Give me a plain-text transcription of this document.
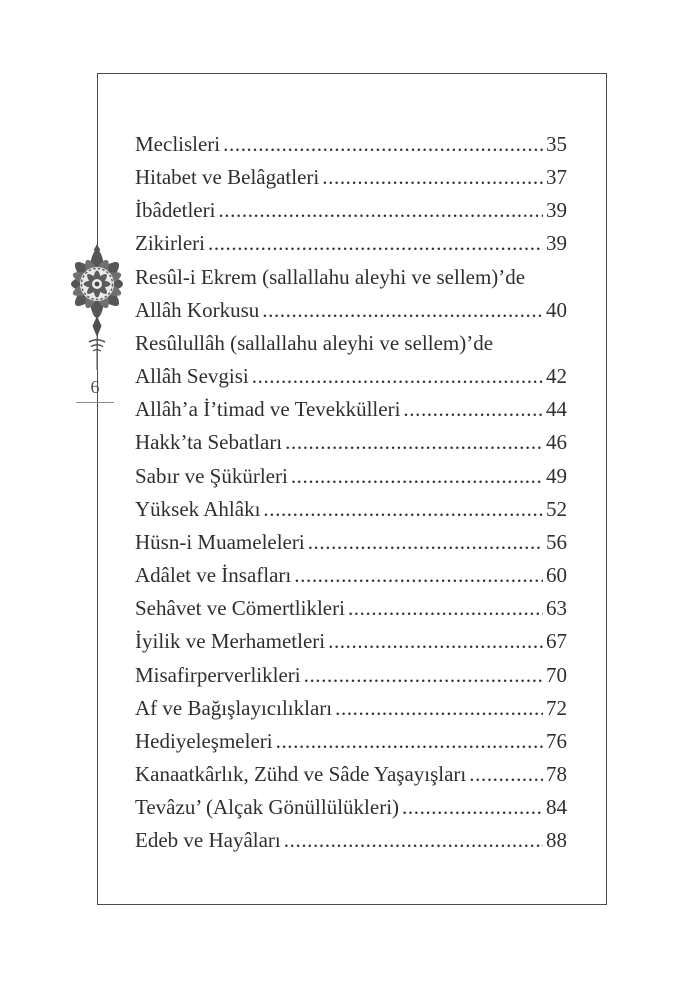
6
Meclisleri .....	35
Hitabet ve Belâgatleri .....	37
İbâdetleri .....	39
Zikirleri .....	39
Resûl-i Ekrem (sallallahu aleyhi ve sellem)’de
Allâh Korkusu .....	40
Resûlullâh (sallallahu aleyhi ve sellem)’de
Allâh Sevgisi .....	42
Allâh’a İ’timad ve Tevekkülleri .....	44
Hakk’ta Sebatları .....	46
Sabır ve Şükürleri .....	49
Yüksek Ahlâkı .....	52
Hüsn-i Muameleleri .....	56
Adâlet ve İnsafları .....	60
Sehâvet ve Cömertlikleri .....	63
İyilik ve Merhametleri .....	67
Misafirperverlikleri .....	70
Af ve Bağışlayıcılıkları .....	72
Hediyeleşmeleri .....	76
Kanaatkârlık, Zühd ve Sâde Yaşayışları .....	78
Tevâzu’ (Alçak Gönüllülükleri) .....	84
Edeb ve Hayâları .....	88
